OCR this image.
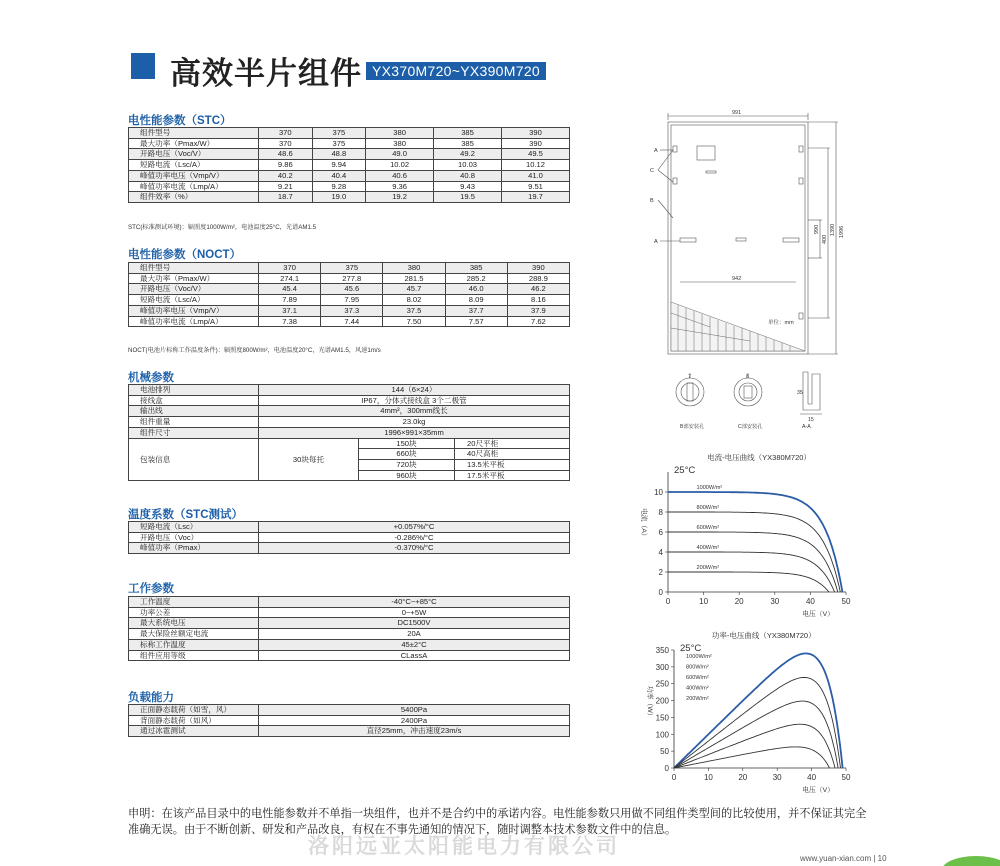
高效半片组件 YX370M720~YX390M720
电性能参数（STC）
组件型号	370	375	380	385	390
最大功率（Pmax/W）	370	375	380	385	390
开路电压（Voc/V）	48.6	48.8	49.0	49.2	49.5
短路电流（Lsc/A）	9.86	9.94	10.02	10.03	10.12
峰值功率电压（Vmp/V）	40.2	40.4	40.6	40.8	41.0
峰值功率电流（Lmp/A）	9.21	9.28	9.36	9.43	9.51
组件效率（%）	18.7	19.0	19.2	19.5	19.7
STC(标准测试环境)：辐照度1000W/m²，电池温度25°C，光谱AM1.5
电性能参数（NOCT）
组件型号	370	375	380	385	390
最大功率（Pmax/W）	274.1	277.8	281.5	285.2	288.9
开路电压（Voc/V）	45.4	45.6	45.7	46.0	46.2
短路电流（Lsc/A）	7.89	7.95	8.02	8.09	8.16
峰值功率电压（Vmp/V）	37.1	37.3	37.5	37.7	37.9
峰值功率电流（Lmp/A）	7.38	7.44	7.50	7.57	7.62
NOCT(电池片标称工作温度条件)：辐照度800W/m²，电池温度20°C，光谱AM1.5，风速1m/s
机械参数
电池排列	144（6×24）		
接线盒	IP67，分体式接线盒 3个二极管		
输出线	4mm²，300mm线长		
组件重量	23.0kg		
组件尺寸	1996×991×35mm		
包装信息	30块每托	150块	20尺平柜
		660块	40尺高柜
		720块	13.5米平板
		960块	17.5米平板
温度系数（STC测试）
短路电流（Lsc）	+0.057%/°C
开路电压（Voc）	-0.286%/°C
峰值功率（Pmax）	-0.370%/°C
工作参数
工作温度	-40°C~+85°C
功率公差	0~+5W
最大系统电压	DC1500V
最大保险丝额定电流	20A
标称工作温度	45±2°C
组件应用等级	CLassA
负载能力
正面静态载荷（如雪，风）	5400Pa
背面静态载荷（如风）	2400Pa
通过冰雹测试	直径25mm，冲击速度23m/s
991
942
1996
1390
400
990
A
A
C
B
单位：mm
7	8
35
15
B部安装孔	C部安装孔	A-A
电流-电压曲线（YX380M720）
25°C
电压（V）
电流（A）
0	10	20	30	40	50
0
2
4
6
8
10	1000W/m²
800W/m²
600W/m²
400W/m²
200W/m²
功率-电压曲线（YX380M720）
25°C
电压（V）
功率（W）
0	10	20	30	40	50
0
50
100
150
200
250
300
350
1000W/m²
800W/m²
600W/m²
400W/m²
200W/m²
申明：在该产品目录中的电性能参数并不单指一块组件，也并不是合约中的承诺内容。电性能参数只用做不同组件类型间的比较使用，并不保证其完全准确无误。由于不断创新、研发和产品改良，有权在不事先通知的情况下，随时调整本技术参数文件中的信息。
洛阳远亚太阳能电力有限公司
www.yuan-xian.com | 10
